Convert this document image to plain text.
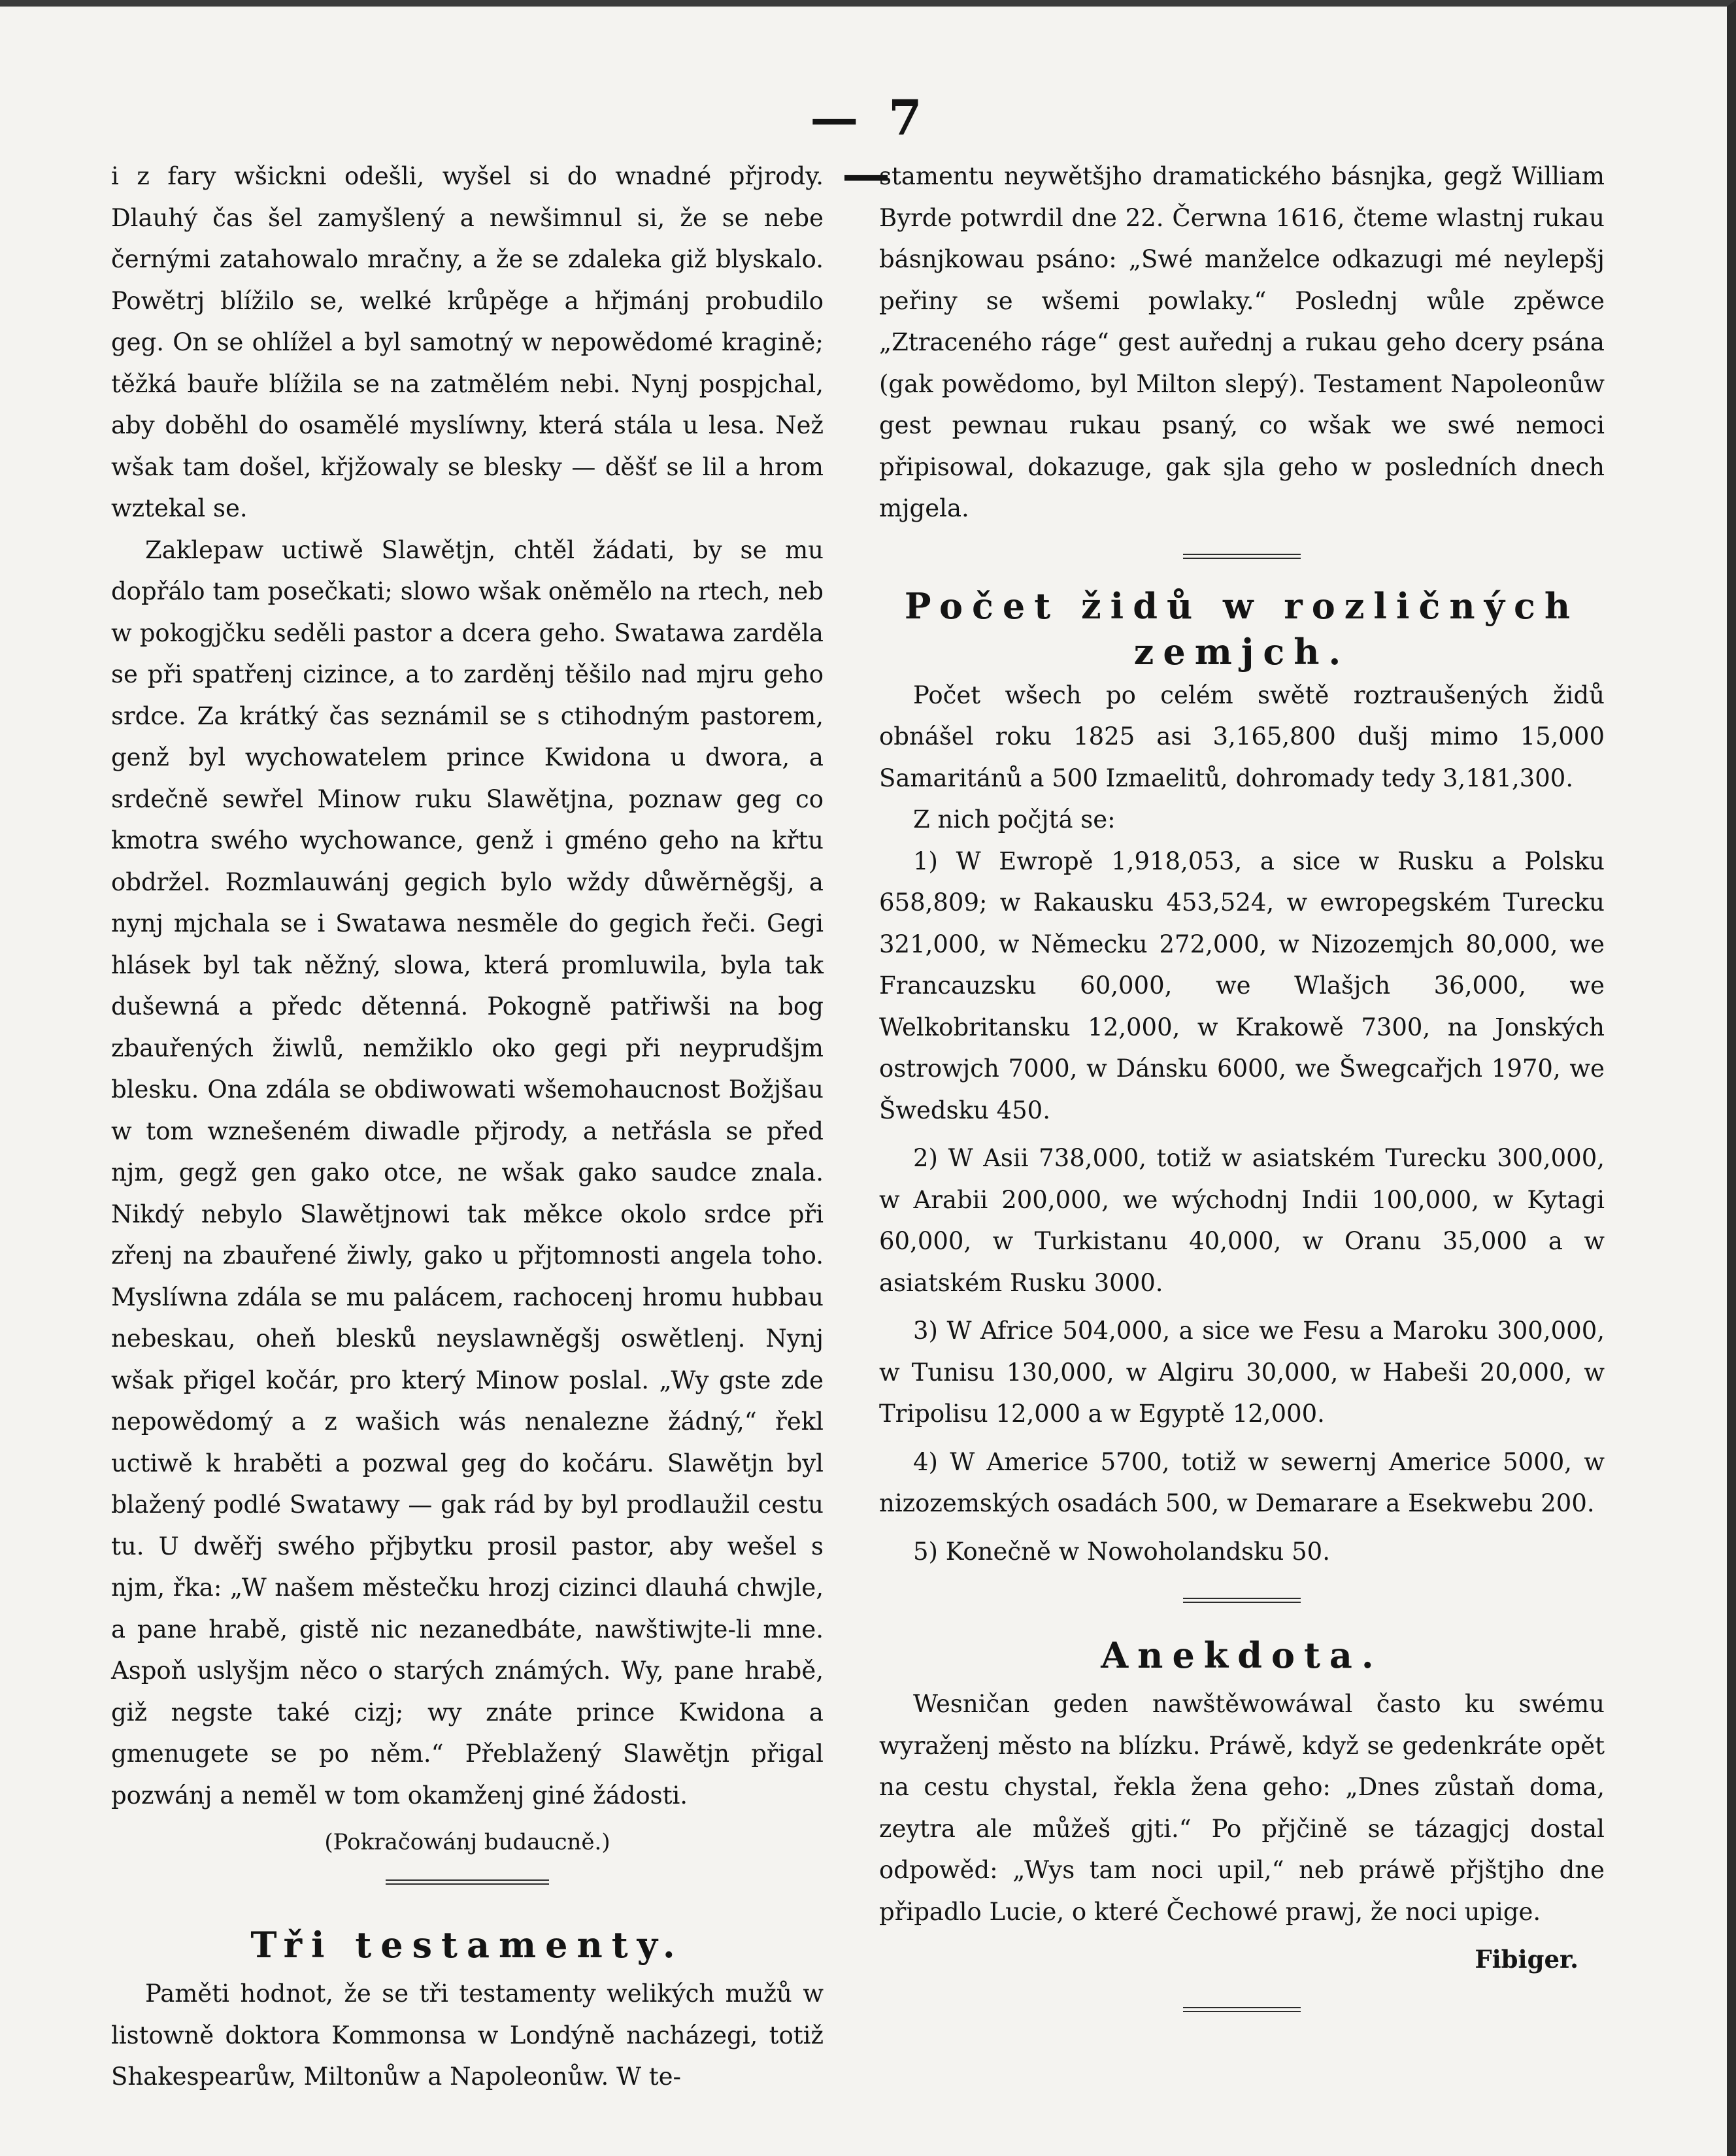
— 7 —

i z fary wšickni odešli, wyšel si do wnadné přjrody. Dlauhý čas šel zamyšlený a newšimnul si, že se nebe černými zatahowalo mračny, a že se zdaleka giž blyskalo. Powětrj blížilo se, welké krůpěge a hřjmánj probudilo geg. On se ohlížel a byl samotný w nepowědomé kragině; těžká bauře blížila se na zatmělém nebi. Nynj pospjchal, aby doběhl do osamělé myslíwny, která stála u lesa. Než wšak tam došel, křjžowaly se blesky — děšť se lil a hrom wztekal se.

Zaklepaw uctiwě Slawětjn, chtěl žádati, by se mu dopřálo tam posečkati; slowo wšak oněmělo na rtech, neb w pokogjčku seděli pastor a dcera geho. Swatawa zarděla se při spatřenj cizince, a to zarděnj těšilo nad mjru geho srdce. Za krátký čas seznámil se s ctihodným pastorem, genž byl wychowatelem prince Kwidona u dwora, a srdečně sewřel Minow ruku Slawětjna, poznaw geg co kmotra swého wychowance, genž i gméno geho na křtu obdržel. Rozmlauwánj gegich bylo wždy důwěrněgšj, a nynj mjchala se i Swatawa nesměle do gegich řeči. Gegi hlásek byl tak něžný, slowa, která promluwila, byla tak dušewná a předc dětenná. Pokogně patřiwši na bog zbauřených žiwlů, nemžiklo oko gegi při neyprudšjm blesku. Ona zdála se obdiwowati wšemohaucnost Božjšau w tom wznešeném diwadle přjrody, a netřásla se před njm, gegž gen gako otce, ne wšak gako saudce znala. Nikdý nebylo Slawětjnowi tak měkce okolo srdce při zřenj na zbauřené žiwly, gako u přjtomnosti angela toho. Myslíwna zdála se mu palácem, rachocenj hromu hubbau nebeskau, oheň blesků neyslawněgšj oswětlenj. Nynj wšak přigel kočár, pro který Minow poslal. „Wy gste zde nepowědomý a z wašich wás nenalezne žádný,“ řekl uctiwě k hraběti a pozwal geg do kočáru. Slawětjn byl blažený podlé Swatawy — gak rád by byl prodlaužil cestu tu. U dwěřj swého přjbytku prosil pastor, aby wešel s njm, řka: „W našem městečku hrozj cizinci dlauhá chwjle, a pane hrabě, gistě nic nezanedbáte, nawštiwjte-li mne. Aspoň uslyšjm něco o starých známých. Wy, pane hrabě, giž negste také cizj; wy znáte prince Kwidona a gmenugete se po něm.“ Přeblažený Slawětjn přigal pozwánj a neměl w tom okamženj giné žádosti.

(Pokračowánj budaucně.)
Tři testamenty.

Paměti hodnot, že se tři testamenty welikých mužů w listowně doktora Kommonsa w Londýně nacházegi, totiž Shakespearůw, Miltonůw a Napoleonůw. W te-

stamentu neywětšjho dramatického básnjka, gegž William Byrde potwrdil dne 22. Čerwna 1616, čteme wlastnj rukau básnjkowau psáno: „Swé manželce odkazugi mé neylepšj peřiny se wšemi powlaky.“ Poslednj wůle zpěwce „Ztraceného ráge“ gest auřednj a rukau geho dcery psána (gak powědomo, byl Milton slepý). Testament Napoleonůw gest pewnau rukau psaný, co wšak we swé nemoci připisowal, dokazuge, gak sjla geho w posledních dnech mjgela.

Počet židů w rozličných zemjch.

Počet wšech po celém swětě roztraušených židů obnášel roku 1825 asi 3,165,800 dušj mimo 15,000 Samaritánů a 500 Izmaelitů, dohromady tedy 3,181,300.

Z nich počjtá se:

1) W Ewropě 1,918,053, a sice w Rusku a Polsku 658,809; w Rakausku 453,524, w ewropegském Turecku 321,000, w Německu 272,000, w Nizozemjch 80,000, we Francauzsku 60,000, we Wlašjch 36,000, we Welkobritansku 12,000, w Krakowě 7300, na Jonských ostrowjch 7000, w Dánsku 6000, we Šwegcařjch 1970, we Šwedsku 450.

2) W Asii 738,000, totiž w asiatském Turecku 300,000, w Arabii 200,000, we wýchodnj Indii 100,000, w Kytagi 60,000, w Turkistanu 40,000, w Oranu 35,000 a w asiatském Rusku 3000.

3) W Africe 504,000, a sice we Fesu a Maroku 300,000, w Tunisu 130,000, w Algiru 30,000, w Habeši 20,000, w Tripolisu 12,000 a w Egyptě 12,000.

4) W Americe 5700, totiž w sewernj Americe 5000, w nizozemských osadách 500, w Demarare a Esekwebu 200.

5) Konečně w Nowoholandsku 50.

Anekdota.

Wesničan geden nawštěwowáwal často ku swému wyraženj město na blízku. Práwě, když se gedenkráte opět na cestu chystal, řekla žena geho: „Dnes zůstaň doma, zeytra ale můžeš gjti.“ Po přjčině se tázagjcj dostal odpowěd: „Wys tam noci upil,“ neb práwě přjštjho dne připadlo Lucie, o které Čechowé prawj, že noci upige.

Fibiger.
